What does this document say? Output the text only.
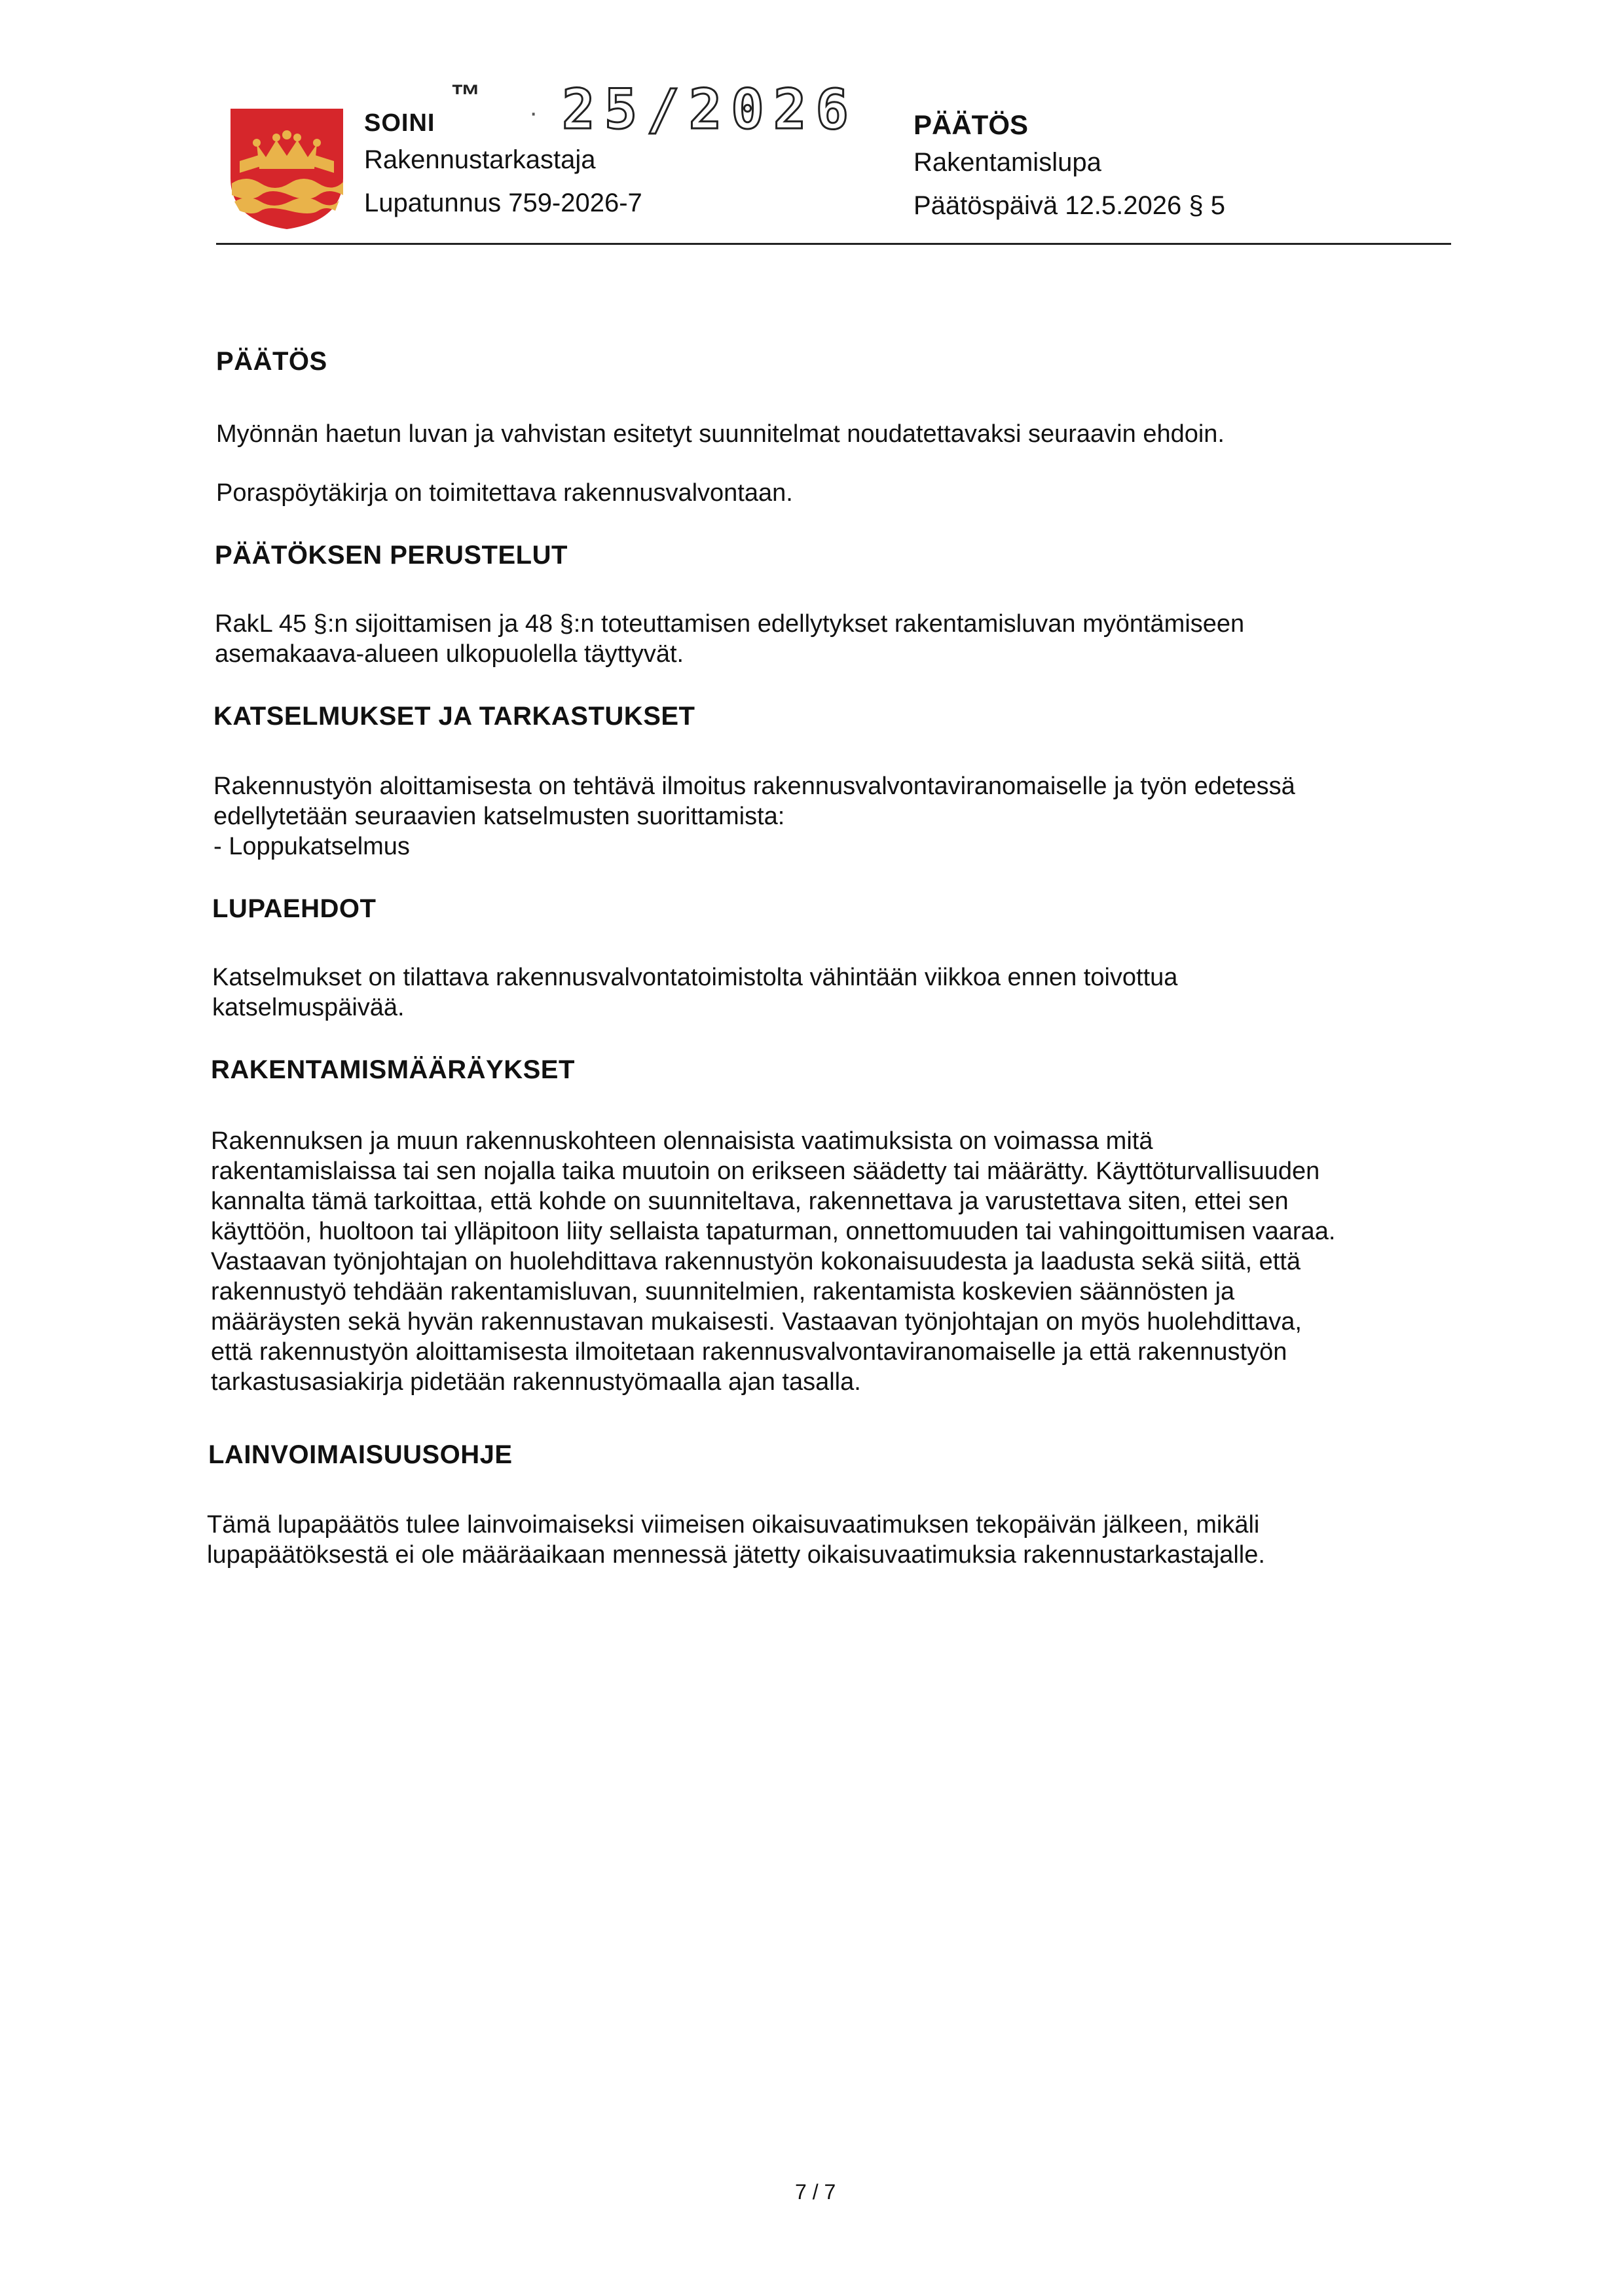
SOINI
™
· 25/2026
Rakennustarkastaja
Lupatunnus 759-2026-7
PÄÄTÖS
Rakentamislupa
Päätöspäivä 12.5.2026 § 5
PÄÄTÖS
Myönnän haetun luvan ja vahvistan esitetyt suunnitelmat noudatettavaksi seuraavin ehdoin.
Poraspöytäkirja on toimitettava rakennusvalvontaan.
PÄÄTÖKSEN PERUSTELUT

RakL 45 §:n sijoittamisen ja 48 §:n toteuttamisen edellytykset rakentamisluvan myöntämiseen

asemakaava-alueen ulkopuolella täyttyvät.

KATSELMUKSET JA TARKASTUKSET

Rakennustyön aloittamisesta on tehtävä ilmoitus rakennusvalvontaviranomaiselle ja työn edetessä

edellytetään seuraavien katselmusten suorittamista:

- Loppukatselmus

LUPAEHDOT

Katselmukset on tilattava rakennusvalvontatoimistolta vähintään viikkoa ennen toivottua

katselmuspäivää.

RAKENTAMISMÄÄRÄYKSET

Rakennuksen ja muun rakennuskohteen olennaisista vaatimuksista on voimassa mitä

rakentamislaissa tai sen nojalla taika muutoin on erikseen säädetty tai määrätty. Käyttöturvallisuuden

kannalta tämä tarkoittaa, että kohde on suunniteltava, rakennettava ja varustettava siten, ettei sen

käyttöön, huoltoon tai ylläpitoon liity sellaista tapaturman, onnettomuuden tai vahingoittumisen vaaraa.

Vastaavan työnjohtajan on huolehdittava rakennustyön kokonaisuudesta ja laadusta sekä siitä, että

rakennustyö tehdään rakentamisluvan, suunnitelmien, rakentamista koskevien säännösten ja

määräysten sekä hyvän rakennustavan mukaisesti. Vastaavan työnjohtajan on myös huolehdittava,

että rakennustyön aloittamisesta ilmoitetaan rakennusvalvontaviranomaiselle ja että rakennustyön

tarkastusasiakirja pidetään rakennustyömaalla ajan tasalla.

LAINVOIMAISUUSOHJE

Tämä lupapäätös tulee lainvoimaiseksi viimeisen oikaisuvaatimuksen tekopäivän jälkeen, mikäli

lupapäätöksestä ei ole määräaikaan mennessä jätetty oikaisuvaatimuksia rakennustarkastajalle.

7 / 7
